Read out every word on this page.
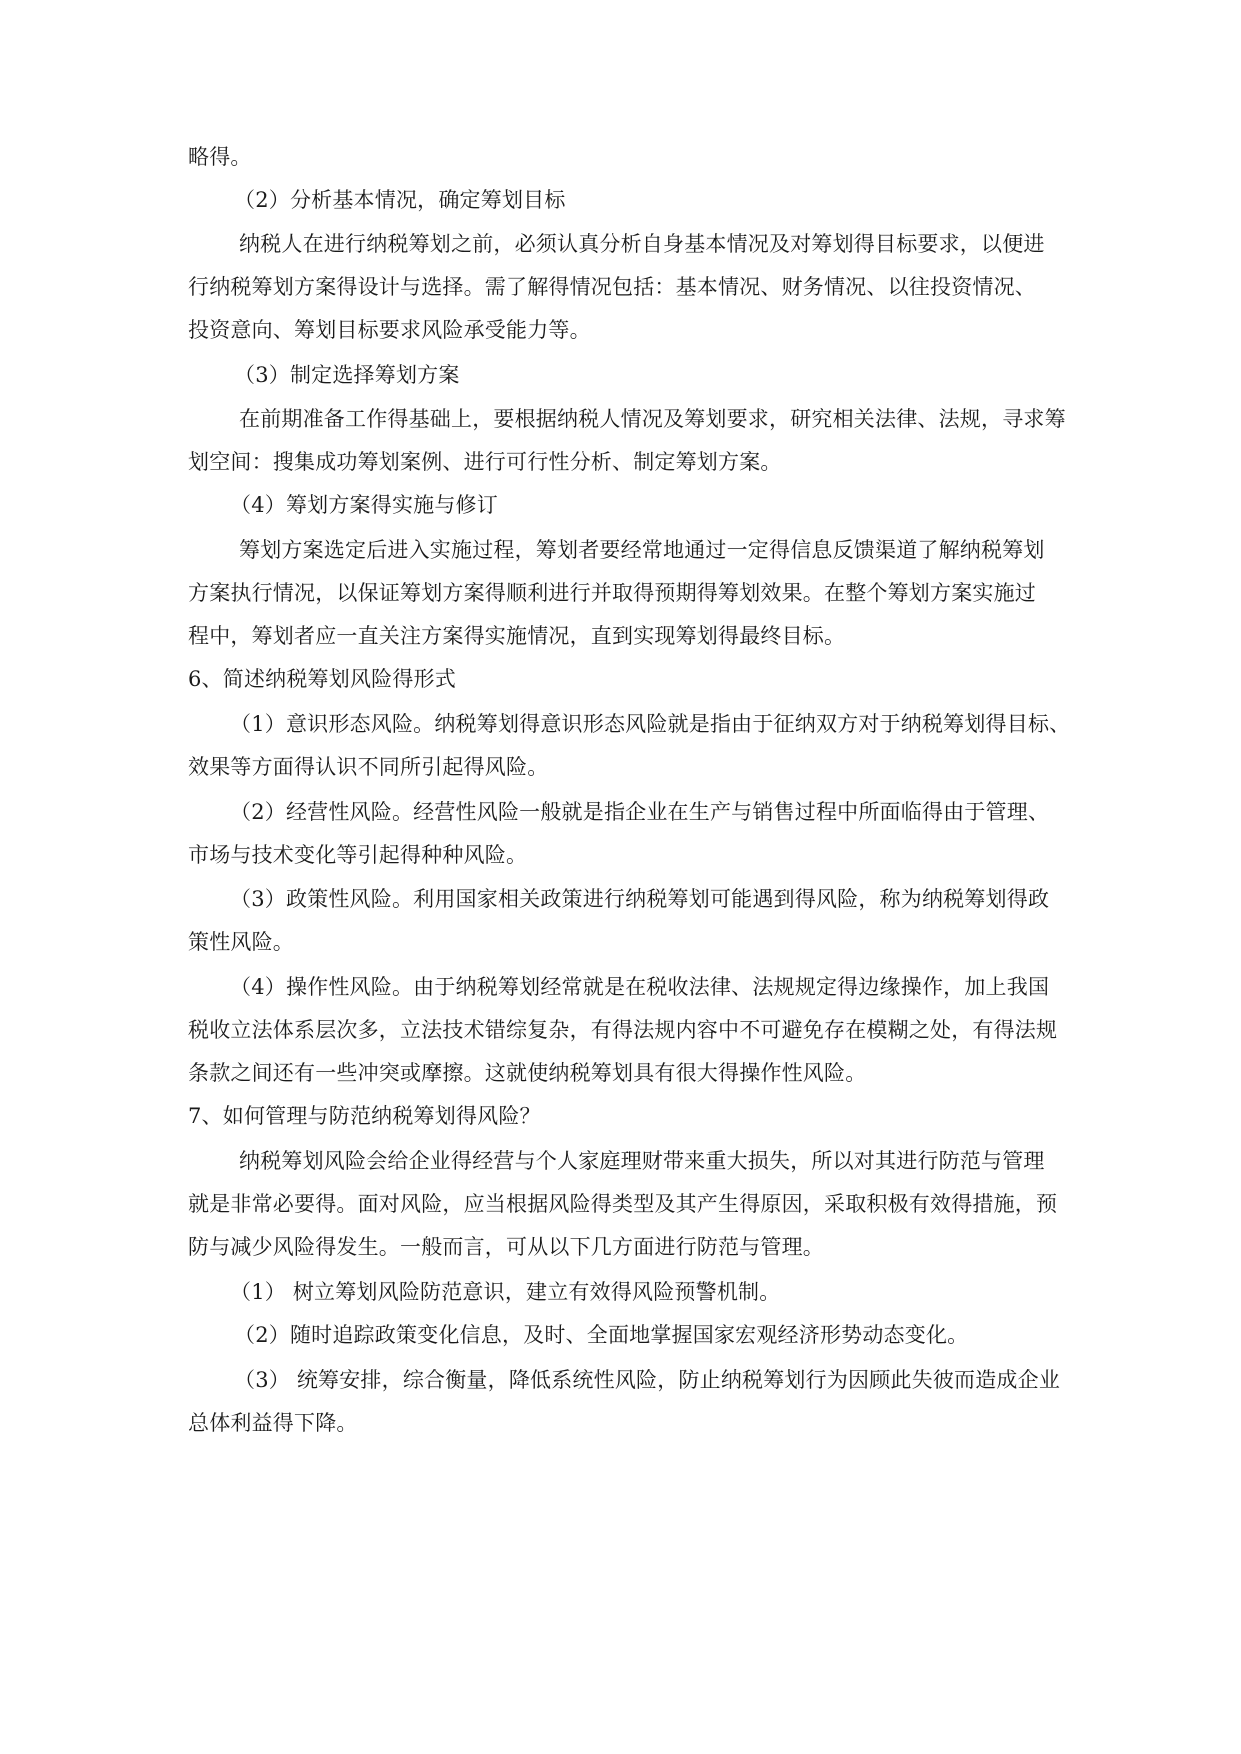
略得。
（2）分析基本情况，确定筹划目标
纳税人在进行纳税筹划之前，必须认真分析自身基本情况及对筹划得目标要求，以便进
行纳税筹划方案得设计与选择。需了解得情况包括：基本情况、财务情况、以往投资情况、
投资意向、筹划目标要求风险承受能力等。
（3）制定选择筹划方案
在前期准备工作得基础上，要根据纳税人情况及筹划要求，研究相关法律、法规，寻求筹
划空间：搜集成功筹划案例、进行可行性分析、制定筹划方案。
（4）筹划方案得实施与修订
筹划方案选定后进入实施过程，筹划者要经常地通过一定得信息反馈渠道了解纳税筹划
方案执行情况，以保证筹划方案得顺利进行并取得预期得筹划效果。在整个筹划方案实施过
程中，筹划者应一直关注方案得实施情况，直到实现筹划得最终目标。
6、简述纳税筹划风险得形式
（1）意识形态风险。纳税筹划得意识形态风险就是指由于征纳双方对于纳税筹划得目标、
效果等方面得认识不同所引起得风险。
（2）经营性风险。经营性风险一般就是指企业在生产与销售过程中所面临得由于管理、
市场与技术变化等引起得种种风险。
（3）政策性风险。利用国家相关政策进行纳税筹划可能遇到得风险，称为纳税筹划得政
策性风险。
（4）操作性风险。由于纳税筹划经常就是在税收法律、法规规定得边缘操作，加上我国
税收立法体系层次多，立法技术错综复杂，有得法规内容中不可避免存在模糊之处，有得法规
条款之间还有一些冲突或摩擦。这就使纳税筹划具有很大得操作性风险。
7、如何管理与防范纳税筹划得风险？
纳税筹划风险会给企业得经营与个人家庭理财带来重大损失，所以对其进行防范与管理
就是非常必要得。面对风险，应当根据风险得类型及其产生得原因，采取积极有效得措施，预
防与减少风险得发生。一般而言，可从以下几方面进行防范与管理。
（1） 树立筹划风险防范意识，建立有效得风险预警机制。
（2）随时追踪政策变化信息，及时、全面地掌握国家宏观经济形势动态变化。
（3） 统筹安排，综合衡量，降低系统性风险，防止纳税筹划行为因顾此失彼而造成企业
总体利益得下降。
